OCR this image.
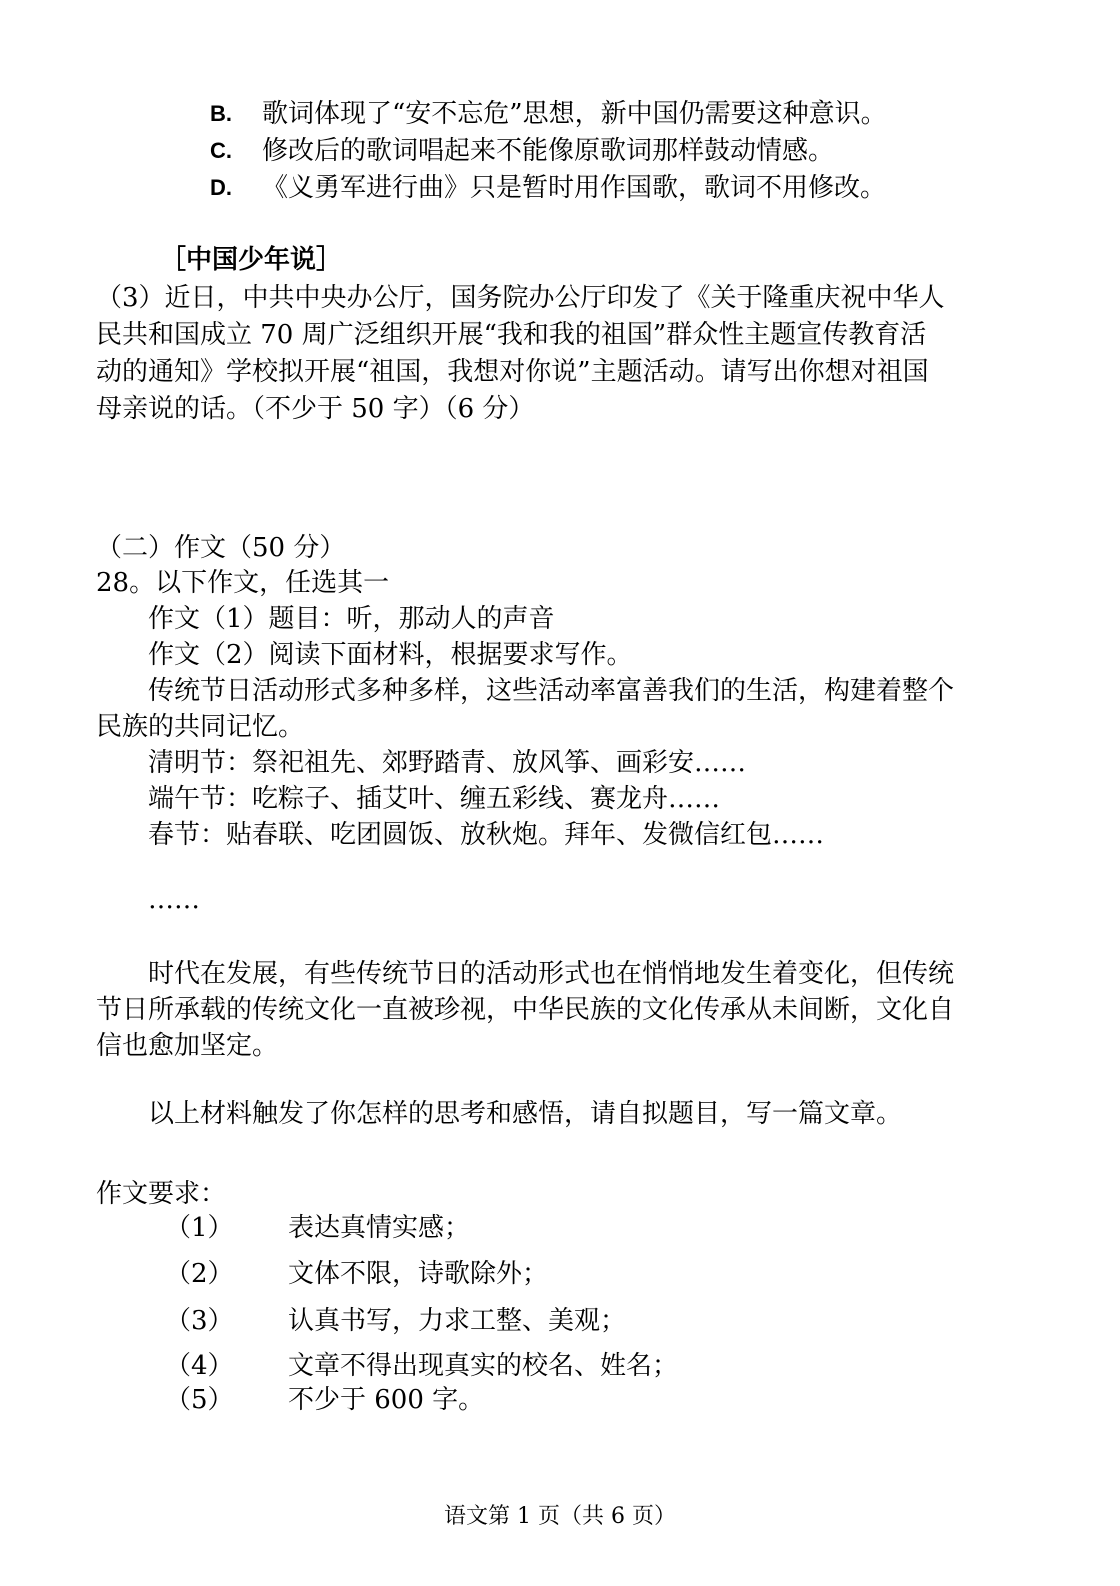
B. 歌词体现了“安不忘危”思想，新中国仍需要这种意识。
C. 修改后的歌词唱起来不能像原歌词那样鼓动情感。
D. 《义勇军进行曲》只是暂时用作国歌，歌词不用修改。
［中国少年说］
（3）近日，中共中央办公厅，国务院办公厅印发了《关于隆重庆祝中华人
民共和国成立 70 周广泛组织开展“我和我的祖国”群众性主题宣传教育活
动的通知》学校拟开展“祖国，我想对你说”主题活动。请写出你想对祖国
母亲说的话。（不少于 50 字）（6 分）
（二）作文（50 分）
28。以下作文，任选其一
作文（1）题目：听，那动人的声音
作文（2）阅读下面材料，根据要求写作。
传统节日活动形式多种多样，这些活动率富善我们的生活，构建着整个
民族的共同记忆。
清明节：祭祀祖先、郊野踏青、放风筝、画彩安……
端午节：吃粽子、插艾叶、缠五彩线、赛龙舟……
春节：贴春联、吃团圆饭、放秋炮。拜年、发微信红包……
……
时代在发展，有些传统节日的活动形式也在悄悄地发生着变化，但传统
节日所承载的传统文化一直被珍视，中华民族的文化传承从未间断，文化自
信也愈加坚定。
以上材料触发了你怎样的思考和感悟，请自拟题目，写一篇文章。
作文要求：
（1） 表达真情实感；
（2） 文体不限，诗歌除外；
（3） 认真书写，力求工整、美观；
（4） 文章不得出现真实的校名、姓名；
（5） 不少于 600 字。
语文第 1 页（共 6 页）
